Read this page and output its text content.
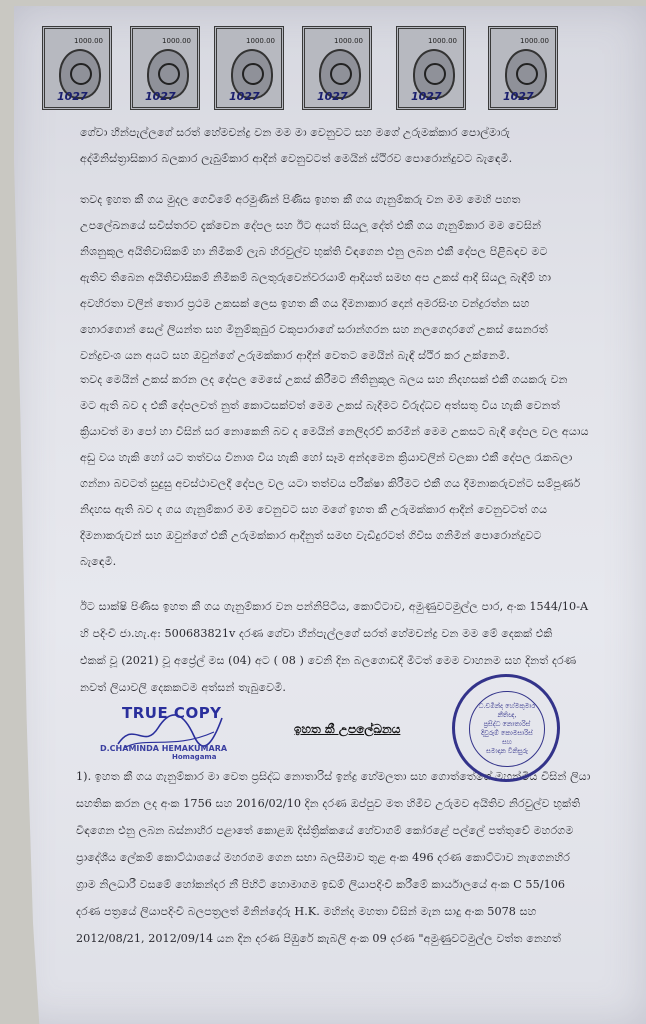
1000.00
1027
1000.00
1027
1000.00
1027
1000.00
1027
1000.00
1027
1000.00
1027
ගේවා හීන්පැල්ලගේ සරත් හේමචන්ද්‍ර වන මම මා වෙනුවට සහ මගේ උරුමක්කාර පොල්මාරු
අද්මිනිස්ත්‍රාසිකාර බලකාර ලැබුම්කාර ආදීන් වෙනුවටත් මෙයින් ස්ථිරව පොරොන්දුවට බැඳෙමි.
තවද ඉහත කී ගය මුදල ගෙවිමේ අරමුණින් පිණිස ඉහත කී ගය ගැනුම්කරු වන මම මෙහි පහත
උපලේඛනයේ සවිස්තරව දැක්වෙන දේපල සහ ඊට අයත් සියලු දේත් එකී ගය ගැනුම්කාර මම වෙසින්
නිශනුකූල අයිතිවාසිකම් හා නිමිකම් ලැබ හිරවුල්ව භුක්ති විඳගෙන එනු ලබන එකී දේපල පිළිබඳව මට
ඇතිව තිබෙන අයිතිවාසිකම් නිමිකම් බලතුරුවෙන්වරයාම් ආදියත් සමඟ අප උකස් ආදී සියලු බැඳීම් හා
අවහිරතා වලින් තොර ප්‍රථම උකසක් ලෙස ඉහත කී ගය දීමනාකාර දොන් අමරසිංහ වන්ද්‍රරත්න සහ
හොරගොන් සෙල් ලියන්ත සහ මිනුම්කුබුර වකුපාරාගේ සරාන්ගරන සහ නලගෙදාරගේ උකස් සෙනරත්
වන්ද්‍රවංශ යන අයට සහ ඔවුන්ගේ උරුමක්කාර ආදීන් වෙතට මෙයින් බැඳී ස්ථිර කර උක්නෙමි.
තවද මෙයින් උකස් කරන ලද දේපල මෙසේ උකස් කිරීමට නීතිනුකූල බලය සහ නිදහසක් එකී ගයකරු වන
මට ඇති බව ද එකී දේපලවත් නුත් කොටසක්වත් මෙම උකස් බැදීමට විරුද්ධව අත්සතු විය හැකි වෙනත්
ක්‍රියාවත් මා පෝ හා විසින් සර නොකෙනි බව ද මෙයින් නෙලිදරව් කරමින් මෙම උකසට බැඳී දේපල වල අයාය
අඩු වය හැකි හෝ යට තත්වය විනාශ විය හැකි හෝ සෑම අන්දමෙන ක්‍රියාවලින් වලකා එකී දේපල රැකබලා
ගන්නා බවටත් සුදුසු අවස්ථාවලදී දේපල වල යටා තත්වය පරීක්ෂා කිරීමට එකී ගය දීමනාකරුවන්ට සම්පූර්ණ
නිදහස ඇති බව ද ගය ගැනුම්කාර මම වෙනුවට සහ මගේ ඉහත කී උරුමක්කාර ආදීන් වෙනුවටත් ගය
දීමනාකරුවන් සහ ඔවුන්ගේ එකී උරුමක්කාර ආදීනුත් සමඟ වැඩිදුරටත් ගිවිස ගනිමින් පොරොන්දුවට
බැඳෙමි.
ඊට සාක්ෂි පිණිස ඉහත කී ගය ගැනුම්කාර වන පන්නිපිටිය, කොට්ටාව, අමුණුවටමුල්ල පාර, අංක 1544/10-A
හි පදිංචි ජා.හැ.අ: 500683821v දරණ ගේවා හීන්පැල්ලගේ සරත් හේමචන්ද්‍ර වන මම මේ දෙකක් එකි
එකක් වූ (2021) වූ අප්‍රේල් මස (04) අට ( 08 ) වෙනි දින බලගොඩදී මිටත් මෙම වාහනම සහ දිනත් දරණ
නවත් ලියාවලි දෙකකටම අත්සන් තැබුවෙමි.
1). ඉහත කී ගය ගැනුම්කාර මා වෙත ප්‍රසිද්ධ නොතාරිස් ඉන්ද්‍ර හේමලතා සහ ගොත්තේගේ මහත්මිය විසින් ලියා
සහතික කරන ලද අංක 1756 සහ 2016/02/10 දින දරණ ඔප්පුව මත හිමිව උරුමව අයිතිව නිරවුල්ව භුක්ති
විඳගෙන එනු ලබන බස්නාහිර පළාතේ කොළඹ දිස්ත්‍රික්කයේ හේවාගම් කෝරළේ පල්ලේ පත්තුවේ මහරගම
ප්‍රාදේශීය ලේකම් කොට්ඨාශයේ මහරගම ගෙන සභා බලසීමාව තුළ අංක 496 දරණ කොට්ටාව නැගෙනහිර
ග්‍රාම නිලධාරී වසමේ හෝකන්දර නී පිහිටි හොමාගම ඉඩම් ලියාපදිංචි කරීමේ කාර්යාලයේ අංක C 55/106
දරණ පත්‍රයේ ලියාපදිංචි බලපත්‍රලත් මිනින්දෝරු H.K. මහින්ද මහතා විසින් මැන සාදු අංක 5078 සහ
2012/08/21, 2012/09/14 යන දින දරණ පිඹුරේ කැබලි අංක 09 දරණ "අමුණුවටමුල්ල වත්ත නෙහත්
TRUE COPY
D.CHAMINDA HEMAKUMARA
Homagama
ඉහත කී උපලේඛනය
ධ.චමින්ද හේමකුමාර
නීතිඥ,
ප්‍රසිද්ධ නොතාරිස්
දිවුරුම් කොමසාරිස්
සහ
සමාදාන විනිසුරු
